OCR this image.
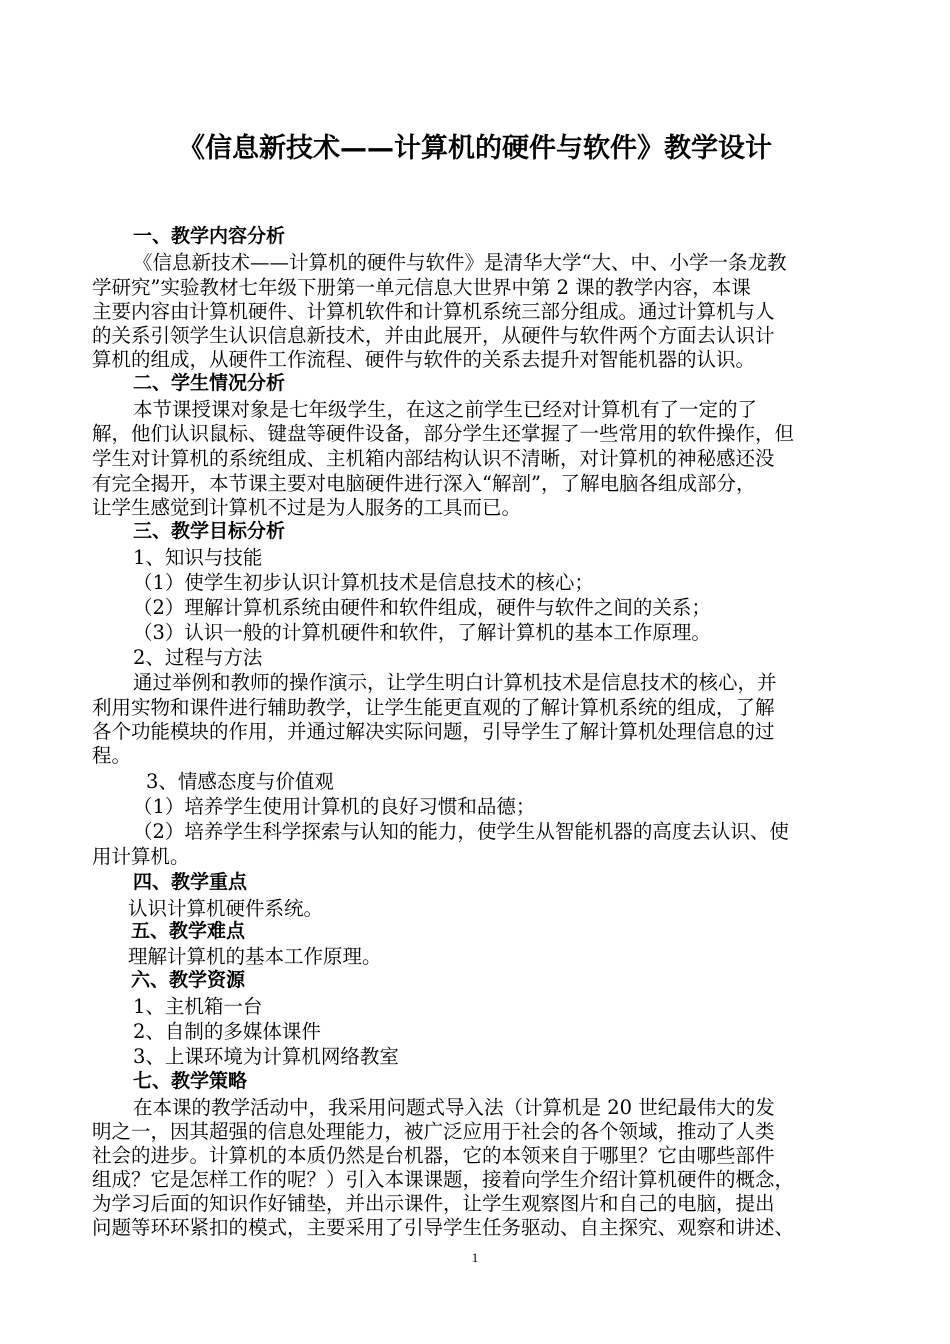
《信息新技术——计算机的硬件与软件》教学设计
一、教学内容分析
《信息新技术——计算机的硬件与软件》是清华大学“大、中、小学一条龙教
学研究”实验教材七年级下册第一单元信息大世界中第 2 课的教学内容，本课
主要内容由计算机硬件、计算机软件和计算机系统三部分组成。通过计算机与人
的关系引领学生认识信息新技术，并由此展开，从硬件与软件两个方面去认识计
算机的组成，从硬件工作流程、硬件与软件的关系去提升对智能机器的认识。
二、学生情况分析
本节课授课对象是七年级学生，在这之前学生已经对计算机有了一定的了
解，他们认识鼠标、键盘等硬件设备，部分学生还掌握了一些常用的软件操作，但
学生对计算机的系统组成、主机箱内部结构认识不清晰，对计算机的神秘感还没
有完全揭开，本节课主要对电脑硬件进行深入“解剖”，了解电脑各组成部分，
让学生感觉到计算机不过是为人服务的工具而已。
三、教学目标分析
1、知识与技能
（1）使学生初步认识计算机技术是信息技术的核心；
（2）理解计算机系统由硬件和软件组成，硬件与软件之间的关系；
（3）认识一般的计算机硬件和软件，了解计算机的基本工作原理。
2、过程与方法
通过举例和教师的操作演示，让学生明白计算机技术是信息技术的核心，并
利用实物和课件进行辅助教学，让学生能更直观的了解计算机系统的组成，了解
各个功能模块的作用，并通过解决实际问题，引导学生了解计算机处理信息的过
程。
3、情感态度与价值观
（1）培养学生使用计算机的良好习惯和品德；
（2）培养学生科学探索与认知的能力，使学生从智能机器的高度去认识、使
用计算机。
四、教学重点
认识计算机硬件系统。
五、教学难点
理解计算机的基本工作原理。
六、教学资源
1、主机箱一台
2、自制的多媒体课件
3、上课环境为计算机网络教室
七、教学策略
在本课的教学活动中，我采用问题式导入法（计算机是 20 世纪最伟大的发
明之一，因其超强的信息处理能力，被广泛应用于社会的各个领域，推动了人类
社会的进步。计算机的本质仍然是台机器，它的本领来自于哪里？它由哪些部件
组成？它是怎样工作的呢？）引入本课课题，接着向学生介绍计算机硬件的概念，
为学习后面的知识作好铺垫，并出示课件，让学生观察图片和自己的电脑，提出
问题等环环紧扣的模式，主要采用了引导学生任务驱动、自主探究、观察和讲述、
1
